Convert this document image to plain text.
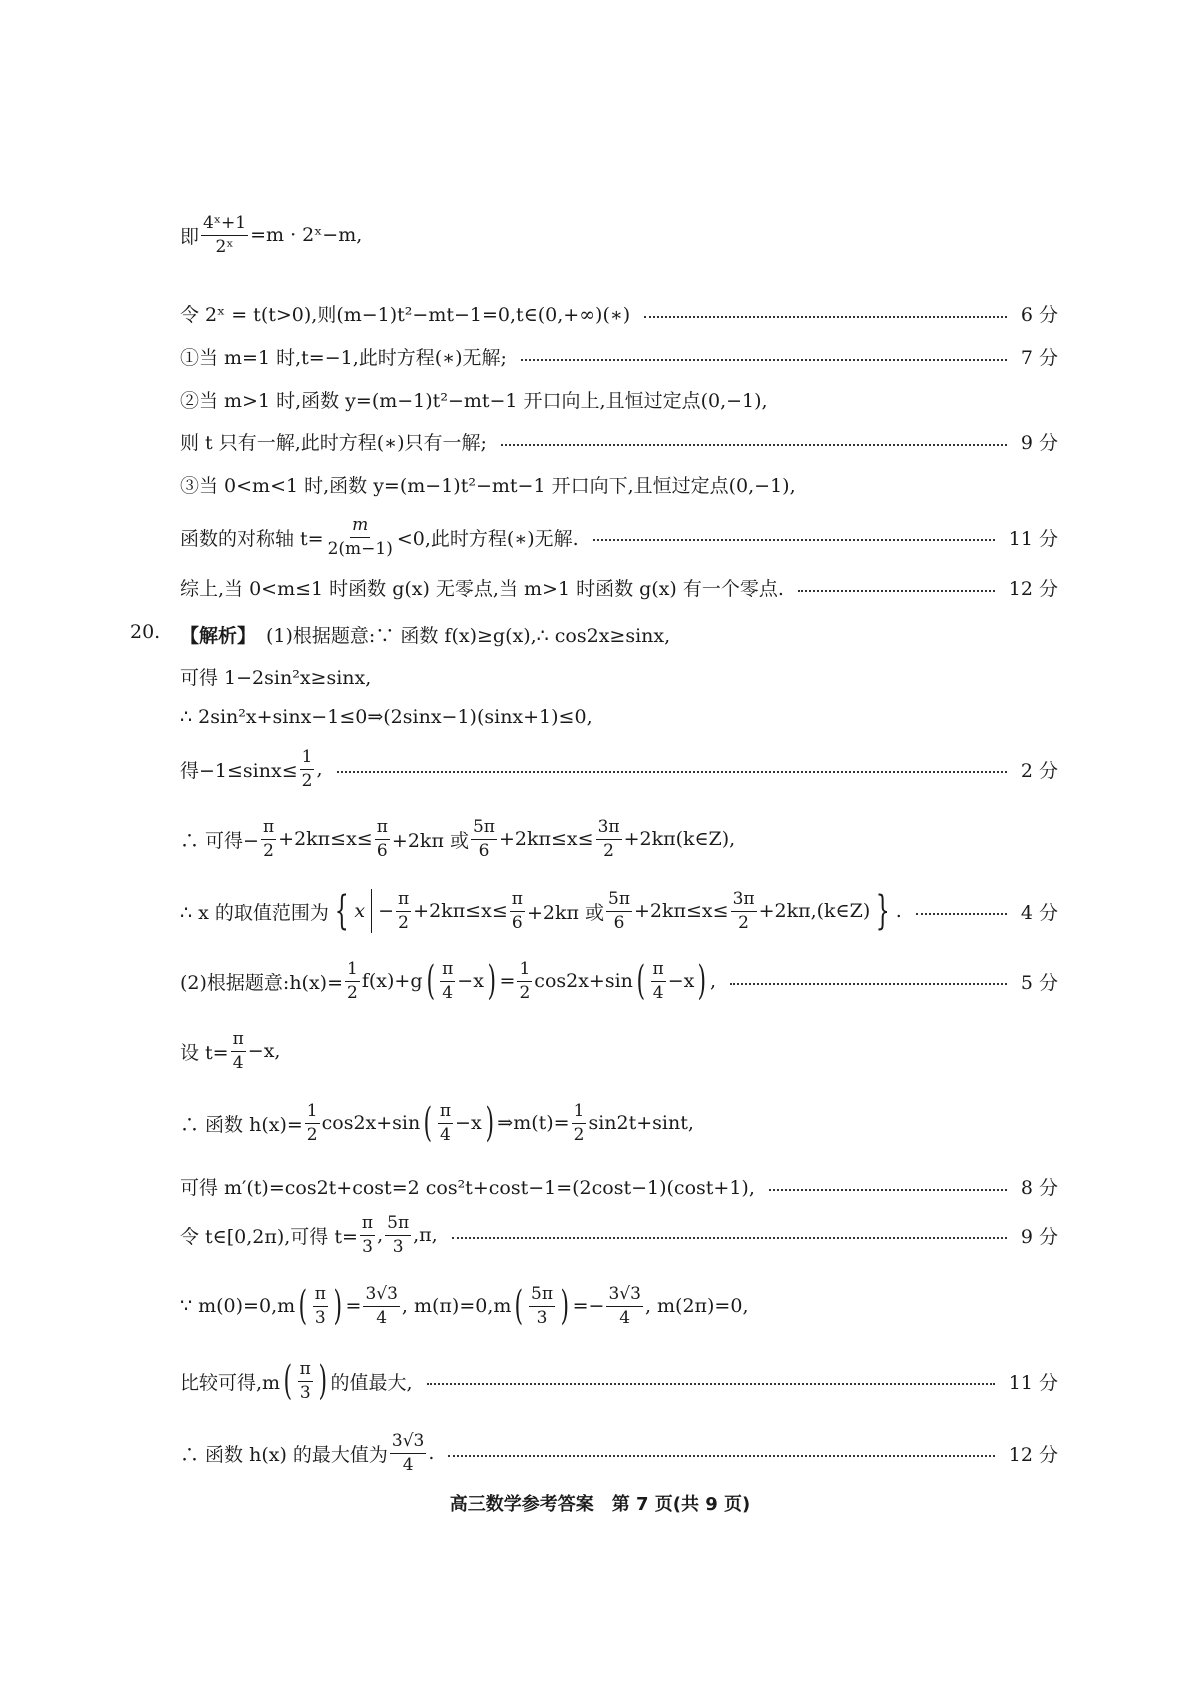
即 $\frac{\text{4ˣ+1}}{\text{2ˣ}} =m$ · 2ˣ−m,
令 2ˣ = t(t>0),则(m−1)t²−mt−1=0,t∈(0,+∞)(∗)	6 分
①当 m=1 时,t=−1,此时方程(∗)无解;	7 分
②当 m>1 时,函数 y=(m−1)t²−mt−1 开口向上,且恒过定点(0,−1),
则 t 只有一解,此时方程(∗)只有一解;	9 分
③当 0<m<1 时,函数 y=(m−1)t²−mt−1 开口向下,且恒过定点(0,−1),
函数的对称轴 $t= \frac{m}{2(m-1)} <0$,此时方程(∗)无解.	11 分
综上,当 0<m≤1 时函数 g(x) 无零点,当 m>1 时函数 g(x) 有一个零点.	12 分
20. 【解析】 (1)根据题意:∵ 函数 f(x)≥g(x),∴ cos2x≥sinx,
可得 1−2sin²x≥sinx,
∴ 2sin²x+sinx−1≤0⇒(2sinx−1)(sinx+1)≤0,
得$-1\le\sin x\le \frac{1}{2}$ ,	2 分
∴ 可得− $\frac{\pi}{2} +2k\pi\le x\le \frac{\pi}{6} +2k\pi$ 或 $\frac{5\pi}{6} +2k\pi\le x\le \frac{3\pi}{2}$ +2kπ(k∈Z),
∴ x 的取值范围为 { $x - \frac{\pi}{2} +2k\pi\le x\le \frac{\pi}{6} +2k\pi$ 或 $\frac{5\pi}{6} +2k\pi\le x\le \frac{3\pi}{2}$ +2kπ,(k∈Z) } .	4 分
(2)根据题意:h(x)= $\frac{1}{2} f(x)+g$ ( $\frac{\pi}{4} -x$ ) = $\frac{1}{2} \cos 2x+\sin$ ( $\frac{\pi}{4} -x$ ) ,	5 分
设 $t= \frac{\pi}{4} -x$,
∴ 函数 $h(x)= \frac{1}{2} \cos 2x+\sin$ ( $\frac{\pi}{4} -x$ ) ⇒m(t)= $\frac{1}{2} \sin 2t+\sin t$,
可得 m′(t)=cos2t+cost=2 cos²t+cost−1=(2cost−1)(cost+1),	8 分
令 t∈[0,2π),可得 $t= \frac{\pi}{3}$ , $\frac{5\pi}{3} ,\pi$,	9 分
∵ m(0)=0,m ( $\frac{\pi}{3}$ ) = $\frac{3√3}{4}$ , m(π)=0,m ( $\frac{5\pi}{3}$ ) =− $\frac{3√3}{4}$ , m(2π)=0,
比较可得,m ( $\frac{\pi}{3}$ ) 的值最大,	11 分
∴ 函数 h(x) 的最大值为 $\frac{3√3}{4}$ .	12 分
高三数学参考答案　第 7 页(共 9 页)
